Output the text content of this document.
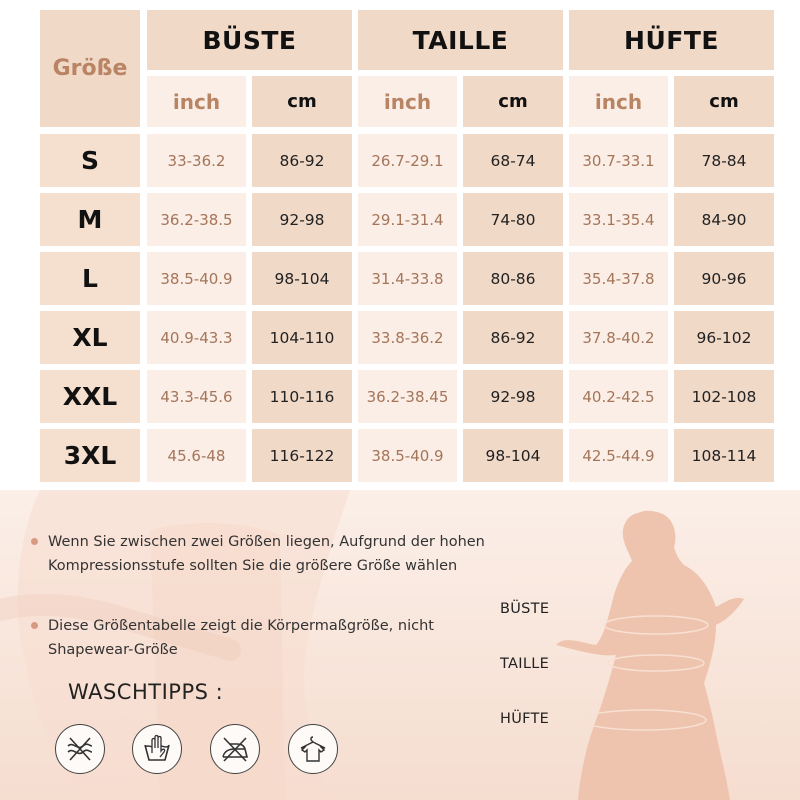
Größe
BÜSTE	TAILLE	HÜFTE
inch	cm	inch	cm	inch	cm
S	33-36.2	86-92	26.7-29.1	68-74	30.7-33.1	78-84
M	36.2-38.5	92-98	29.1-31.4	74-80	33.1-35.4	84-90
L	38.5-40.9	98-104	31.4-33.8	80-86	35.4-37.8	90-96
XL	40.9-43.3	104-110	33.8-36.2	86-92	37.8-40.2	96-102
XXL	43.3-45.6	110-116	36.2-38.45	92-98	40.2-42.5	102-108
3XL	45.6-48	116-122	38.5-40.9	98-104	42.5-44.9	108-114
Wenn Sie zwischen zwei Größen liegen, Aufgrund der hohen Kompressionsstufe sollten Sie die größere Größe wählen
Diese Größentabelle zeigt die Körpermaßgröße, nicht Shapewear-Größe
WASCHTIPPS :
BÜSTE
TAILLE
HÜFTE
